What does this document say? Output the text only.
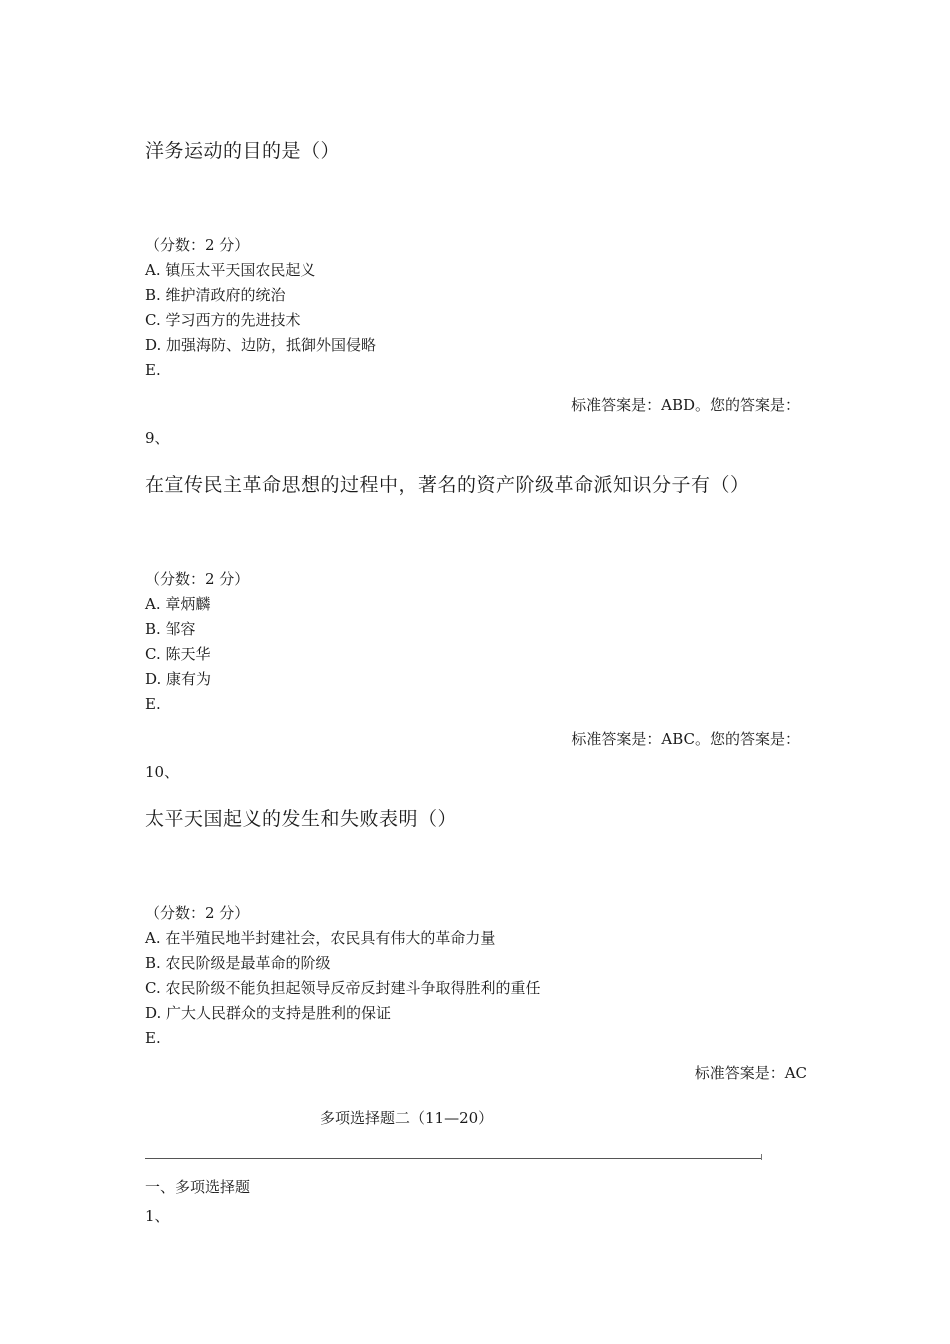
洋务运动的目的是（）
（分数：2 分）
A. 镇压太平天国农民起义
B. 维护清政府的统治
C. 学习西方的先进技术
D. 加强海防、边防，抵御外国侵略
E.
标准答案是：ABD。您的答案是：
9、
在宣传民主革命思想的过程中，著名的资产阶级革命派知识分子有（）
（分数：2 分）
A. 章炳麟
B. 邹容
C. 陈天华
D. 康有为
E.
标准答案是：ABC。您的答案是：
10、
太平天国起义的发生和失败表明（）
（分数：2 分）
A. 在半殖民地半封建社会，农民具有伟大的革命力量
B. 农民阶级是最革命的阶级
C. 农民阶级不能负担起领导反帝反封建斗争取得胜利的重任
D. 广大人民群众的支持是胜利的保证
E.
标准答案是：AC
多项选择题二（11—20）
一、多项选择题
1、
